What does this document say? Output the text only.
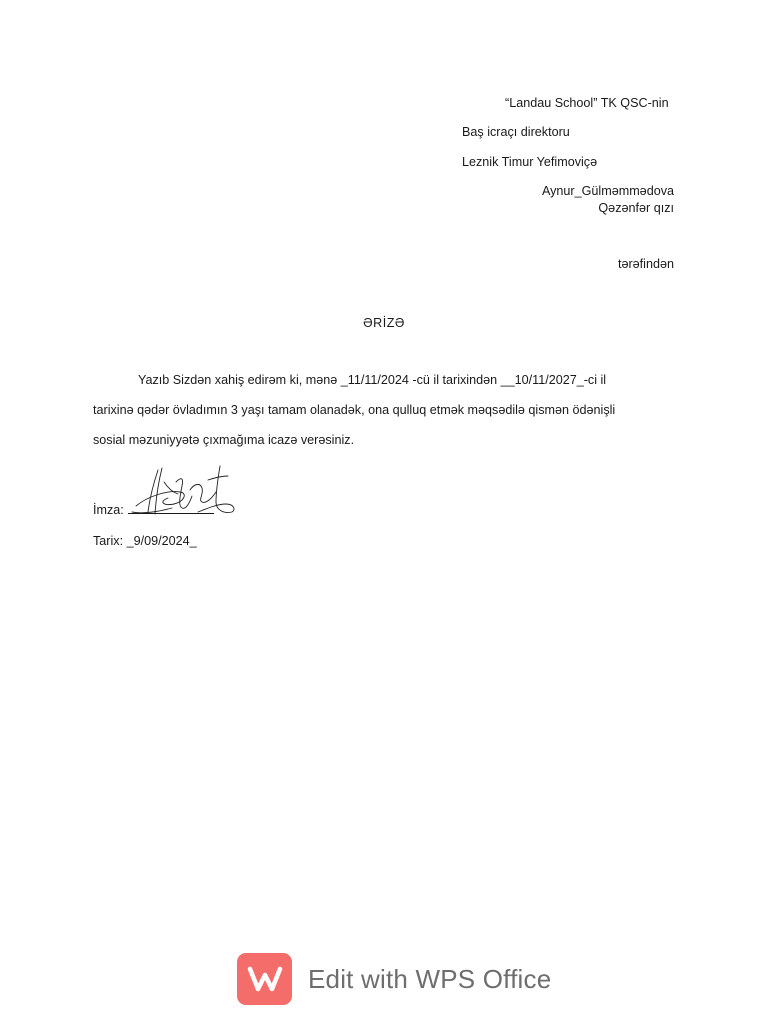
“Landau School” TK QSC-nin
Baş icraçı direktoru
Leznik Timur Yefimoviçə
Aynur_Gülməmmədova
Qəzənfər qızı
tərəfindən
ƏRİZƏ
Yazıb Sizdən xahiş edirəm ki, mənə _11/11/2024 -cü il tarixindən __10/11/2027_-ci il
tarixinə qədər övladımın 3 yaşı tamam olanadək, ona qulluq etmək məqsədilə qismən ödənişli
sosial məzuniyyətə çıxmağıma icazə verəsiniz.
İmza:
Tarix: _9/09/2024_
Edit with WPS Office
